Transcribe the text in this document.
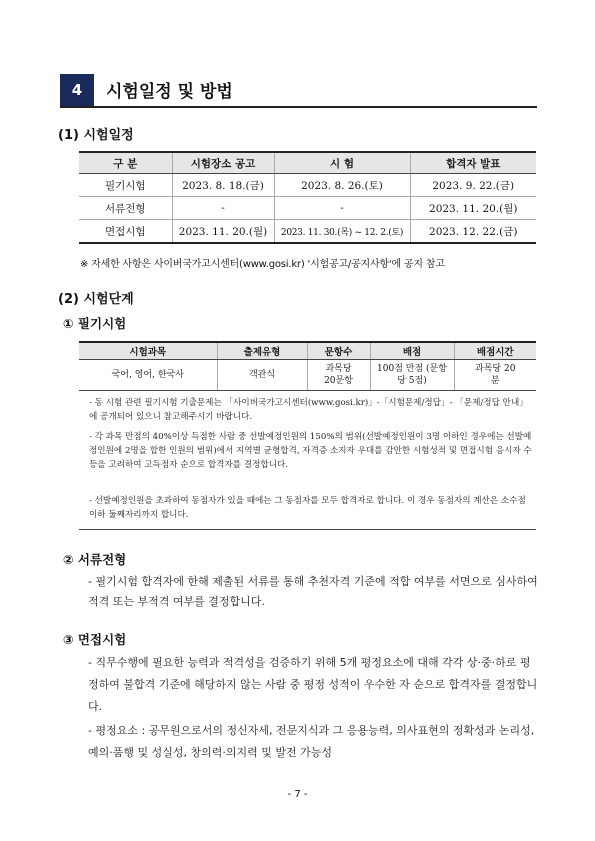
4	시험일정 및 방법
(1) 시험일정
구 분	시험장소 공고	시 험	합격자 발표
필기시험	2023. 8. 18.(금)	2023. 8. 26.(토)	2023. 9. 22.(금)
서류전형	-	-	2023. 11. 20.(월)
면접시험	2023. 11. 20.(월)	2023. 11. 30.(목) ~ 12. 2.(토)	2023. 12. 22.(금)
※ 자세한 사항은 사이버국가고시센터(www.gosi.kr) '시험공고/공지사항'에 공지 참고
(2) 시험단계
① 필기시험
시험과목	출제유형	문항수	배점	배점시간
국어, 영어, 한국사	객관식	과목당 20문항	100점 만점 (문항당 5점)	과목당 20분
- 동 시험 관련 필기시험 기출문제는 「사이버국가고시센터(www.gosi.kr)」-「시험문제/정답」- 「문제/정답 안내」에 공개되어 있으니 참고해주시기 바랍니다.
- 각 과목 만점의 40%이상 득점한 사람 중 선발예정인원의 150%의 범위(선발예정인원이 3명 이하인 경우에는 선발예정인원에 2명을 합한 인원의 범위)에서 지역별 균형합격, 자격증 소지자 우대를 감안한 시험성적 및 면접시험 응시자 수 등을 고려하여 고득점자 순으로 합격자를 결정합니다.
- 선발예정인원을 초과하여 동점자가 있을 때에는 그 동점자를 모두 합격자로 합니다. 이 경우 동점자의 계산은 소수점 이하 둘째자리까지 합니다.
② 서류전형
- 필기시험 합격자에 한해 제출된 서류를 통해 추천자격 기준에 적합 여부를 서면으로 심사하여 적격 또는 부적격 여부를 결정합니다.
③ 면접시험
- 직무수행에 필요한 능력과 적격성을 검증하기 위해 5개 평정요소에 대해 각각 상·중·하로 평정하여 불합격 기준에 해당하지 않는 사람 중 평정 성적이 우수한 자 순으로 합격자를 결정합니다.
- 평정요소 : 공무원으로서의 정신자세, 전문지식과 그 응용능력, 의사표현의 정확성과 논리성, 예의·품행 및 성실성, 창의력·의지력 및 발전 가능성
- 7 -
